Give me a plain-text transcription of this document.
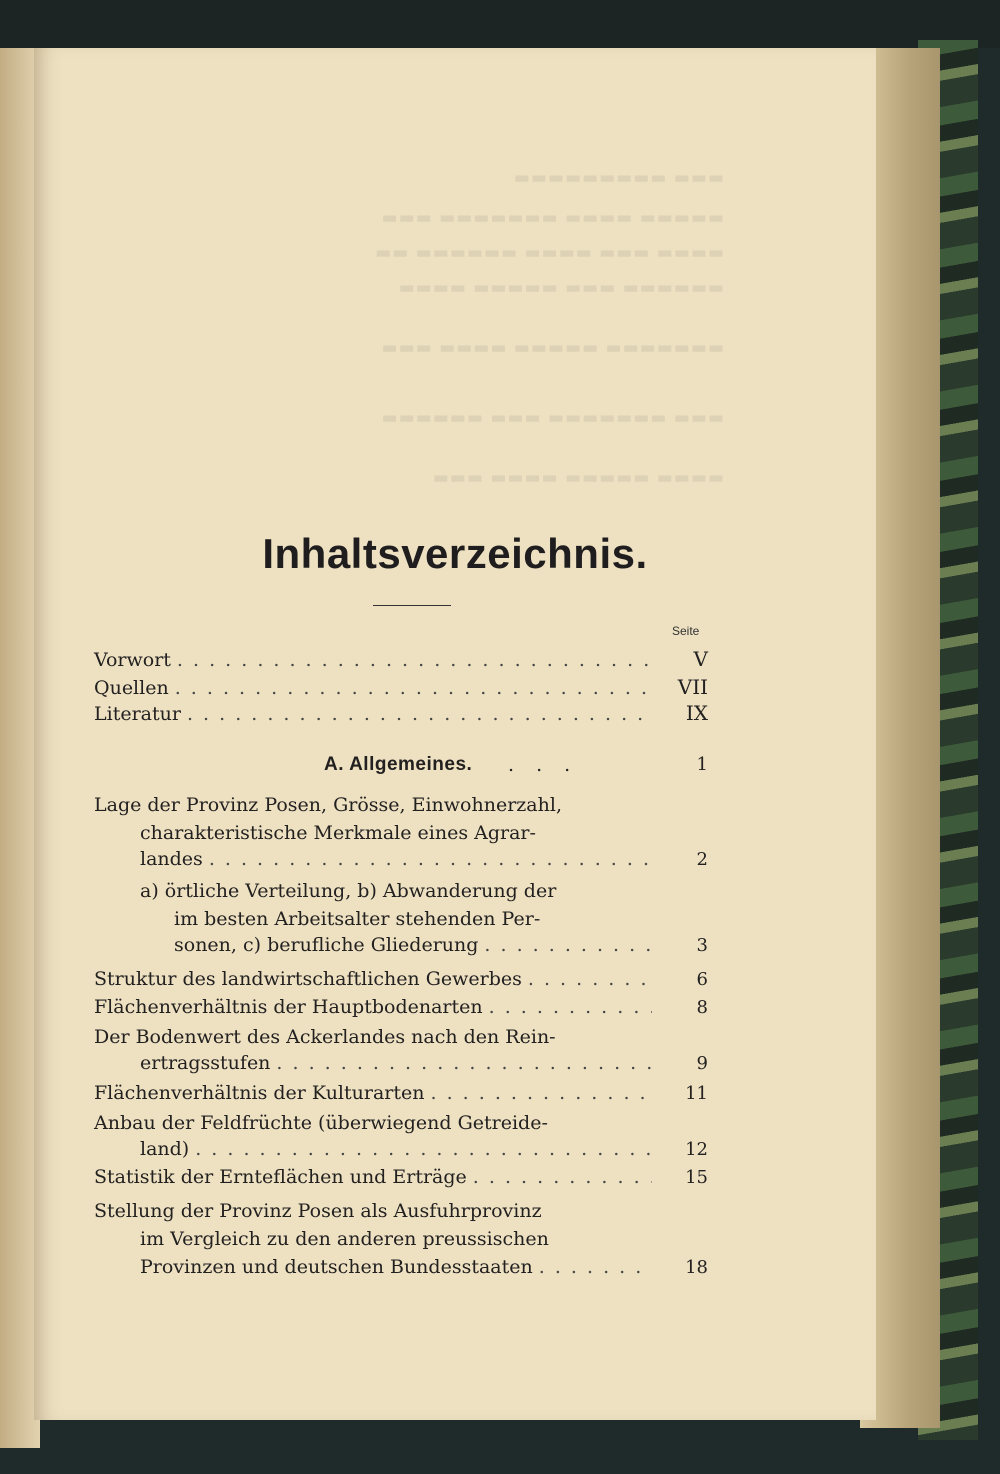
▬▬▬ ▬▬▬▬▬▬▬▬▬
▬▬▬▬▬ ▬▬▬▬ ▬▬▬▬▬▬▬ ▬▬▬
▬▬▬▬ ▬▬▬ ▬▬▬▬ ▬▬▬▬▬▬ ▬▬
▬▬▬▬▬▬ ▬▬▬ ▬▬▬▬▬ ▬▬▬▬
▬▬▬▬▬▬▬ ▬▬▬▬▬ ▬▬▬▬ ▬▬▬
▬▬▬ ▬▬▬▬▬▬▬ ▬▬▬ ▬▬▬▬▬▬
▬▬▬▬ ▬▬▬▬▬ ▬▬▬▬ ▬▬▬
Inhaltsverzeichnis.
Seite
Vorwort . . .	V
Quellen . . .	VII
Literatur . . .	IX
A. Allgemeines. . . .	1
Lage der Provinz Posen, Grösse, Einwohnerzahl,
charakteristische Merkmale eines Agrar-
landes . . .	2
a) örtliche Verteilung, b) Abwanderung der
im besten Arbeitsalter stehenden Per-
sonen, c) berufliche Gliederung . . .	3
Struktur des landwirtschaftlichen Gewerbes . . .	6
Flächenverhältnis der Hauptbodenarten . . .	8
Der Bodenwert des Ackerlandes nach den Rein-
ertragsstufen . . .	9
Flächenverhältnis der Kulturarten . . .	11
Anbau der Feldfrüchte (überwiegend Getreide-
land) . . .	12
Statistik der Ernteflächen und Erträge . . .	15
Stellung der Provinz Posen als Ausfuhrprovinz
im Vergleich zu den anderen preussischen
Provinzen und deutschen Bundesstaaten . . .	18
